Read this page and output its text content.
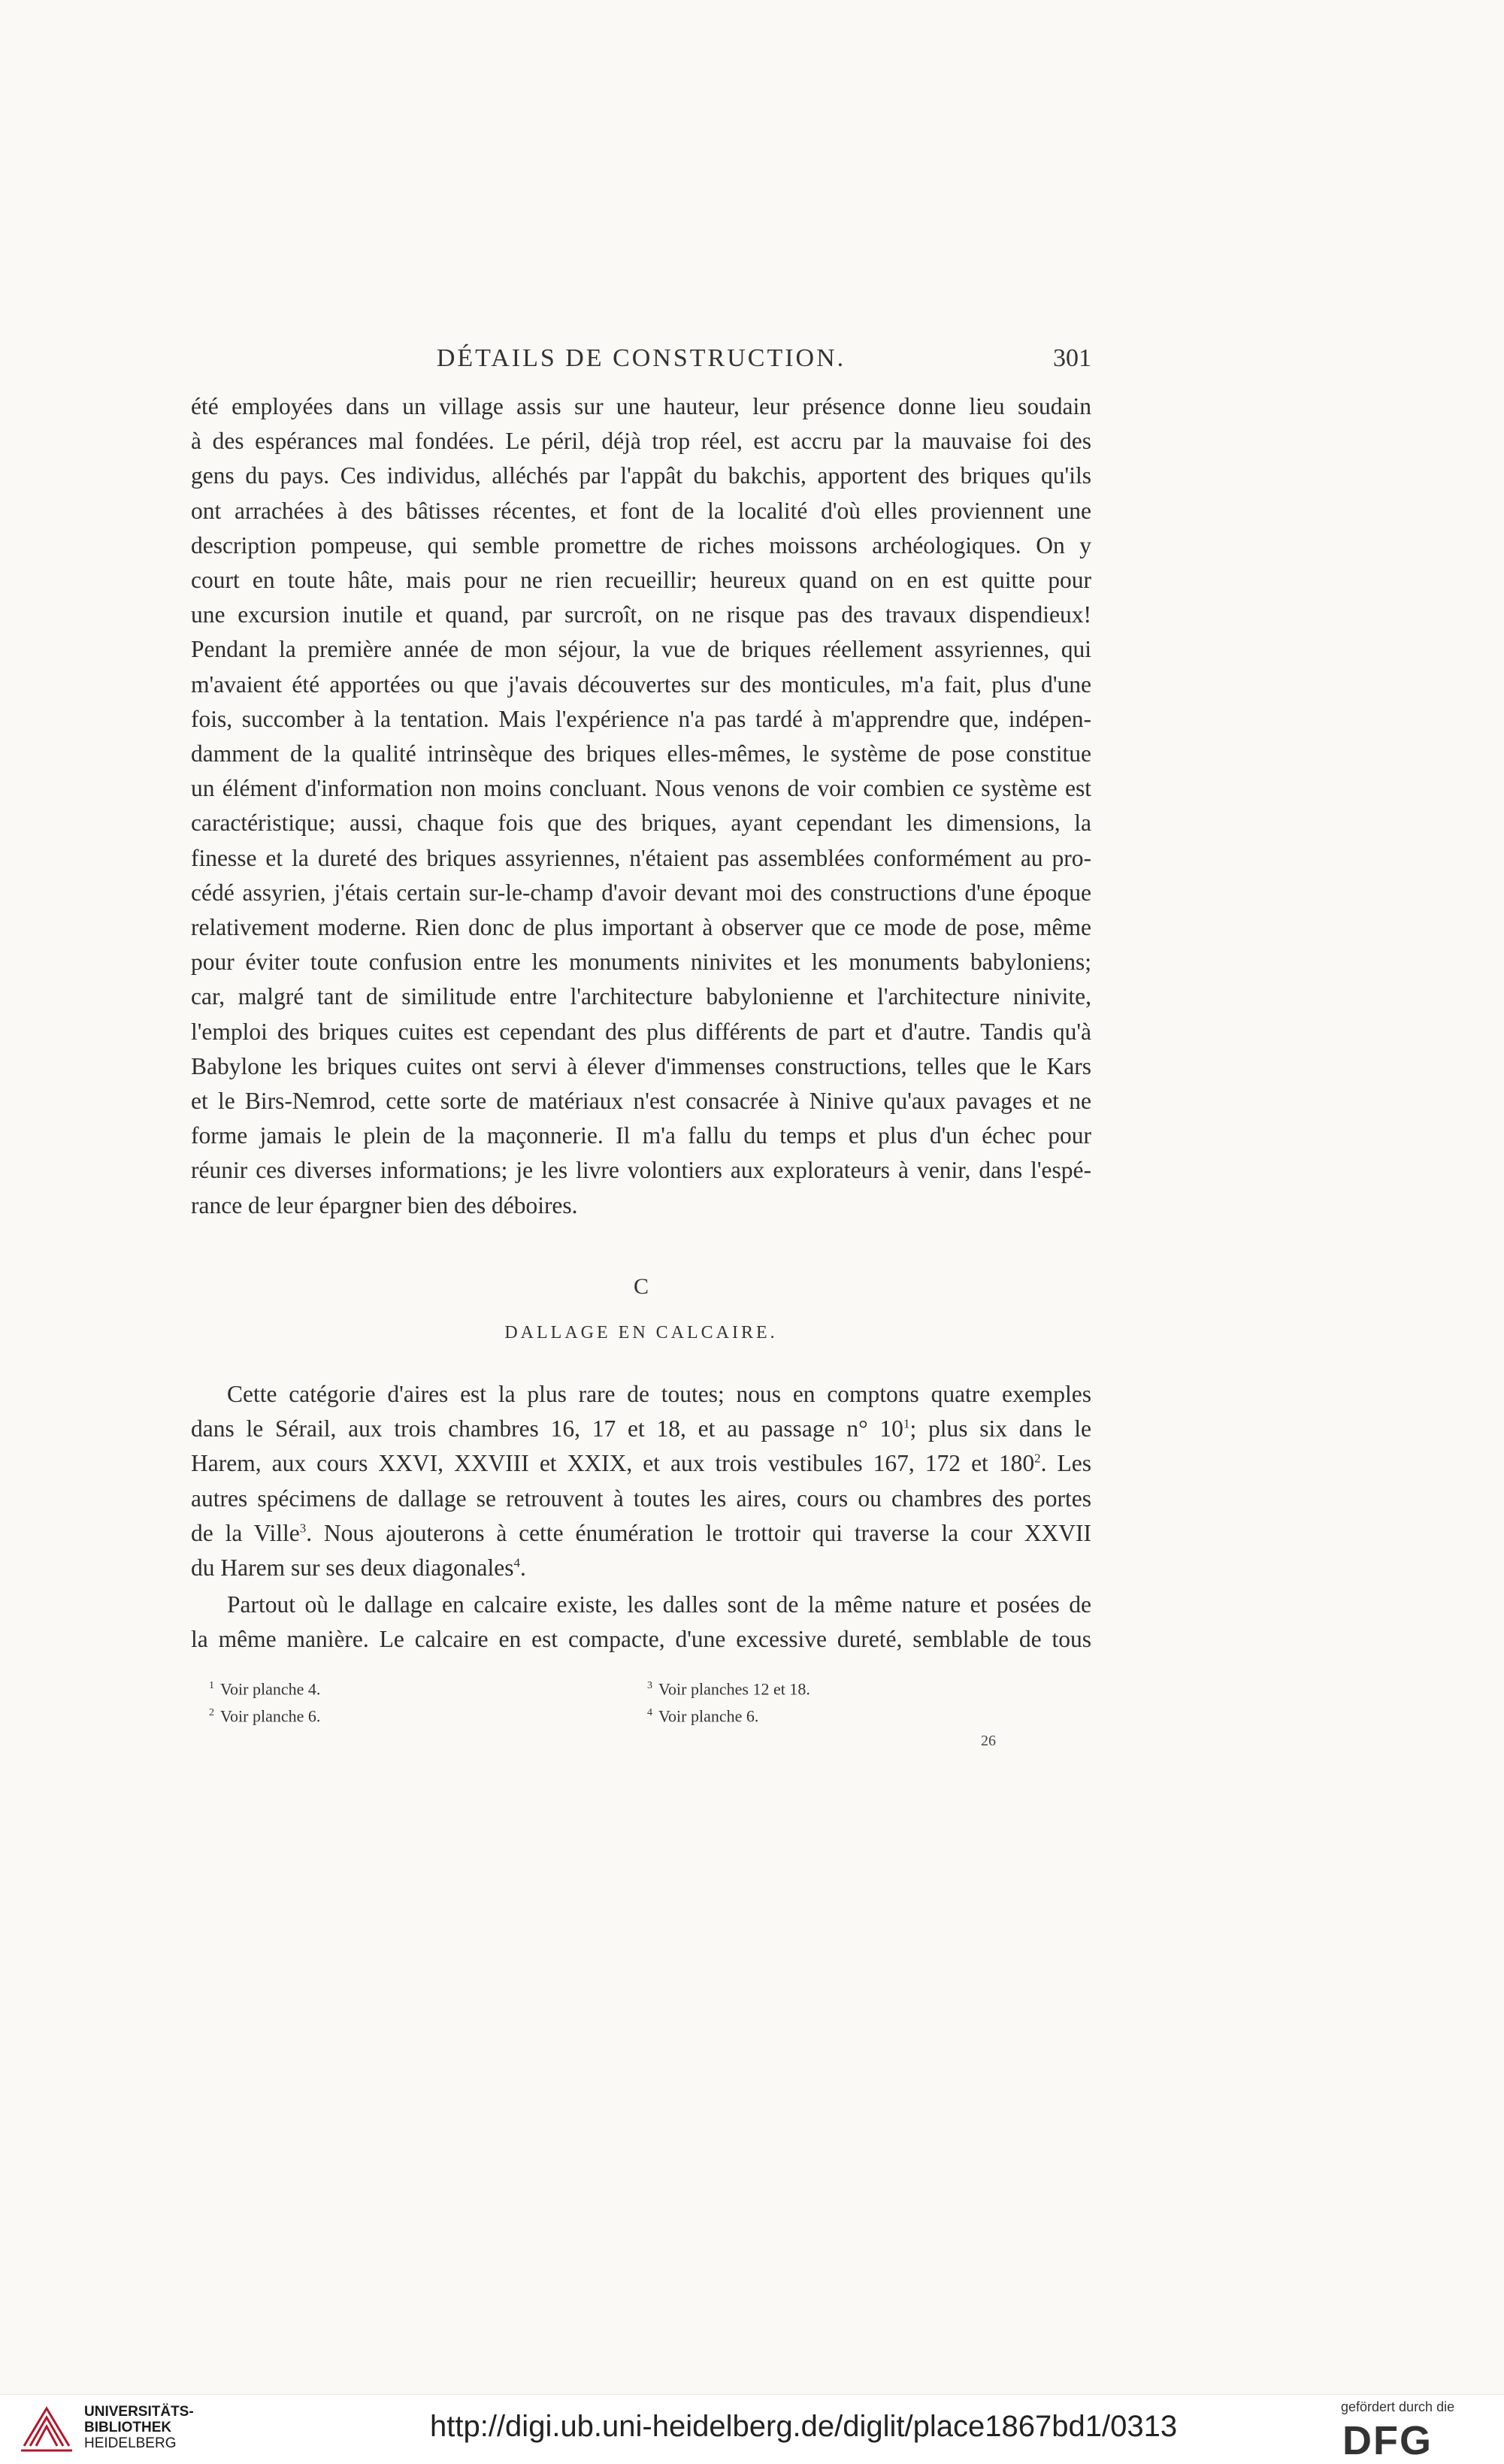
DÉTAILS DE CONSTRUCTION.	301
été employées dans un village assis sur une hauteur, leur présence donne lieu soudain
à des espérances mal fondées. Le péril, déjà trop réel, est accru par la mauvaise foi des
gens du pays. Ces individus, alléchés par l'appât du bakchis, apportent des briques qu'ils
ont arrachées à des bâtisses récentes, et font de la localité d'où elles proviennent une
description pompeuse, qui semble promettre de riches moissons archéologiques. On y
court en toute hâte, mais pour ne rien recueillir; heureux quand on en est quitte pour
une excursion inutile et quand, par surcroît, on ne risque pas des travaux dispendieux!
Pendant la première année de mon séjour, la vue de briques réellement assyriennes, qui
m'avaient été apportées ou que j'avais découvertes sur des monticules, m'a fait, plus d'une
fois, succomber à la tentation. Mais l'expérience n'a pas tardé à m'apprendre que, indépen-
damment de la qualité intrinsèque des briques elles-mêmes, le système de pose constitue
un élément d'information non moins concluant. Nous venons de voir combien ce système est
caractéristique; aussi, chaque fois que des briques, ayant cependant les dimensions, la
finesse et la dureté des briques assyriennes, n'étaient pas assemblées conformément au pro-
cédé assyrien, j'étais certain sur-le-champ d'avoir devant moi des constructions d'une époque
relativement moderne. Rien donc de plus important à observer que ce mode de pose, même
pour éviter toute confusion entre les monuments ninivites et les monuments babyloniens;
car, malgré tant de similitude entre l'architecture babylonienne et l'architecture ninivite,
l'emploi des briques cuites est cependant des plus différents de part et d'autre. Tandis qu'à
Babylone les briques cuites ont servi à élever d'immenses constructions, telles que le Kars
et le Birs-Nemrod, cette sorte de matériaux n'est consacrée à Ninive qu'aux pavages et ne
forme jamais le plein de la maçonnerie. Il m'a fallu du temps et plus d'un échec pour
réunir ces diverses informations; je les livre volontiers aux explorateurs à venir, dans l'espé-
rance de leur épargner bien des déboires.
C
DALLAGE EN CALCAIRE.
Cette catégorie d'aires est la plus rare de toutes; nous en comptons quatre exemples
dans le Sérail, aux trois chambres 16, 17 et 18, et au passage n° $10^1$; plus six dans le
Harem, aux cours XXVI, XXVIII et XXIX, et aux trois vestibules 167, 172 et $180^2$. Les
autres spécimens de dallage se retrouvent à toutes les aires, cours ou chambres des portes
de la Ville$^3$. Nous ajouterons à cette énumération le trottoir qui traverse la cour XXVII
du Harem sur ses deux diagonales$^4$.
Partout où le dallage en calcaire existe, les dalles sont de la même nature et posées de
la même manière. Le calcaire en est compacte, d'une excessive dureté, semblable de tous
$^1$ Voir planche 4.
$^2$ Voir planche 6.
$^3$ Voir planches 12 et 18.
$^4$ Voir planche 6.
26
UNIVERSITÄTS-
BIBLIOTHEK
HEIDELBERG
http://digi.ub.uni-heidelberg.de/diglit/place1867bd1/0313
gefördert durch die
DFG
